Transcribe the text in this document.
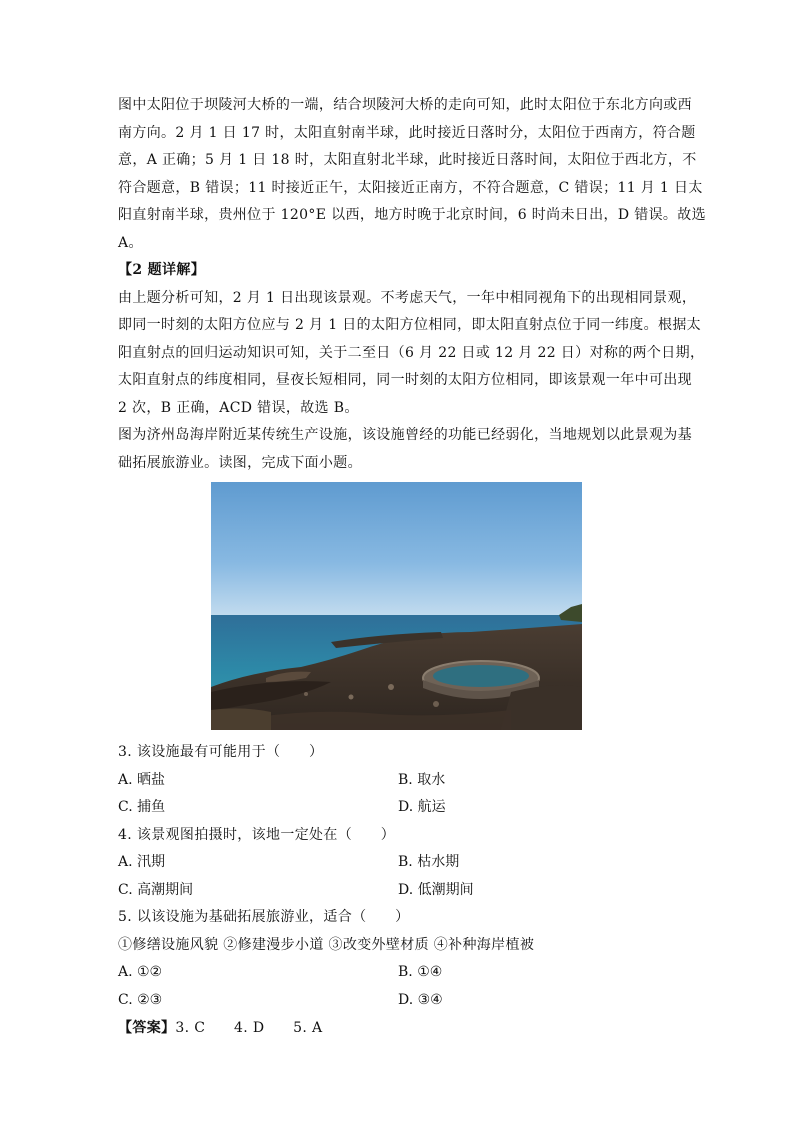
图中太阳位于坝陵河大桥的一端，结合坝陵河大桥的走向可知，此时太阳位于东北方向或西
南方向。2 月 1 日 17 时，太阳直射南半球，此时接近日落时分，太阳位于西南方，符合题
意，A 正确；5 月 1 日 18 时，太阳直射北半球，此时接近日落时间，太阳位于西北方，不
符合题意，B 错误；11 时接近正午，太阳接近正南方，不符合题意，C 错误；11 月 1 日太
阳直射南半球，贵州位于 120°E 以西，地方时晚于北京时间，6 时尚未日出，D 错误。故选
A。
【2 题详解】
由上题分析可知，2 月 1 日出现该景观。不考虑天气，一年中相同视角下的出现相同景观，
即同一时刻的太阳方位应与 2 月 1 日的太阳方位相同，即太阳直射点位于同一纬度。根据太
阳直射点的回归运动知识可知，关于二至日（6 月 22 日或 12 月 22 日）对称的两个日期，
太阳直射点的纬度相同，昼夜长短相同，同一时刻的太阳方位相同，即该景观一年中可出现
2 次，B 正确，ACD 错误，故选 B。
图为济州岛海岸附近某传统生产设施，该设施曾经的功能已经弱化，当地规划以此景观为基
础拓展旅游业。读图，完成下面小题。
3. 该设施最有可能用于（　　）
A. 晒盐	B. 取水
C. 捕鱼	D. 航运
4. 该景观图拍摄时，该地一定处在（　　）
A. 汛期	B. 枯水期
C. 高潮期间	D. 低潮期间
5. 以该设施为基础拓展旅游业，适合（　　）
①修缮设施风貌 ②修建漫步小道 ③改变外壁材质 ④补种海岸植被
A. ①②	B. ①④
C. ②③	D. ③④
【答案】3. C　　4. D　　5. A
